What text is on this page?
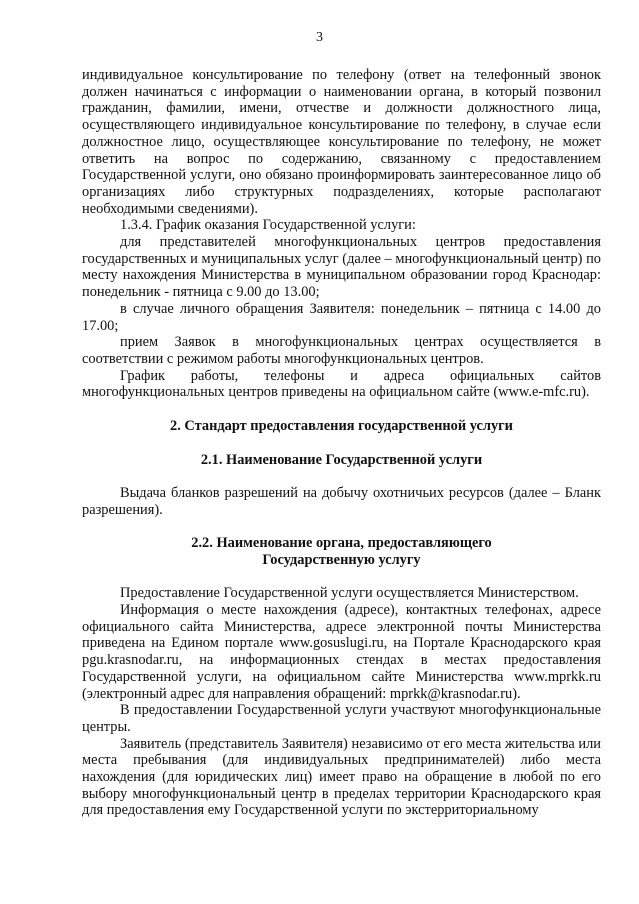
3

индивидуальное консультирование по телефону (ответ на телефонный звонок должен начинаться с информации о наименовании органа, в который позвонил гражданин, фамилии, имени, отчестве и должности должностного лица, осуществляющего индивидуальное консультирование по телефону, в случае если должностное лицо, осуществляющее консультирование по телефону, не может ответить на вопрос по содержанию, связанному с предоставлением Государственной услуги, оно обязано проинформировать заинтересованное лицо об организациях либо структурных подразделениях, которые располагают необходимыми сведениями).

1.3.4. График оказания Государственной услуги:

для представителей многофункциональных центров предоставления государственных и муниципальных услуг (далее – многофункциональный центр) по месту нахождения Министерства в муниципальном образовании город Краснодар: понедельник - пятница с 9.00 до 13.00;

в случае личного обращения Заявителя: понедельник – пятница с 14.00 до 17.00;

прием Заявок в многофункциональных центрах осуществляется в соответствии с режимом работы многофункциональных центров.

График работы, телефоны и адреса официальных сайтов многофункциональных центров приведены на официальном сайте (www.e-mfc.ru).

2. Стандарт предоставления государственной услуги

2.1. Наименование Государственной услуги

Выдача бланков разрешений на добычу охотничьих ресурсов (далее – Бланк разрешения).

2.2. Наименование органа, предоставляющего

Государственную услугу

Предоставление Государственной услуги осуществляется Министерством.

Информация о месте нахождения (адресе), контактных телефонах, адресе официального сайта Министерства, адресе электронной почты Министерства приведена на Едином портале www.gosuslugi.ru, на Портале Краснодарского края pgu.krasnodar.ru, на информационных стендах в местах предоставления Государственной услуги, на официальном сайте Министерства www.mprkk.ru (электронный адрес для направления обращений: mprkk@krasnodar.ru).

В предоставлении Государственной услуги участвуют многофункциональные центры.

Заявитель (представитель Заявителя) независимо от его места жительства или места пребывания (для индивидуальных предпринимателей) либо места нахождения (для юридических лиц) имеет право на обращение в любой по его выбору многофункциональный центр в пределах территории Краснодарского края для предоставления ему Государственной услуги по экстерриториальному
